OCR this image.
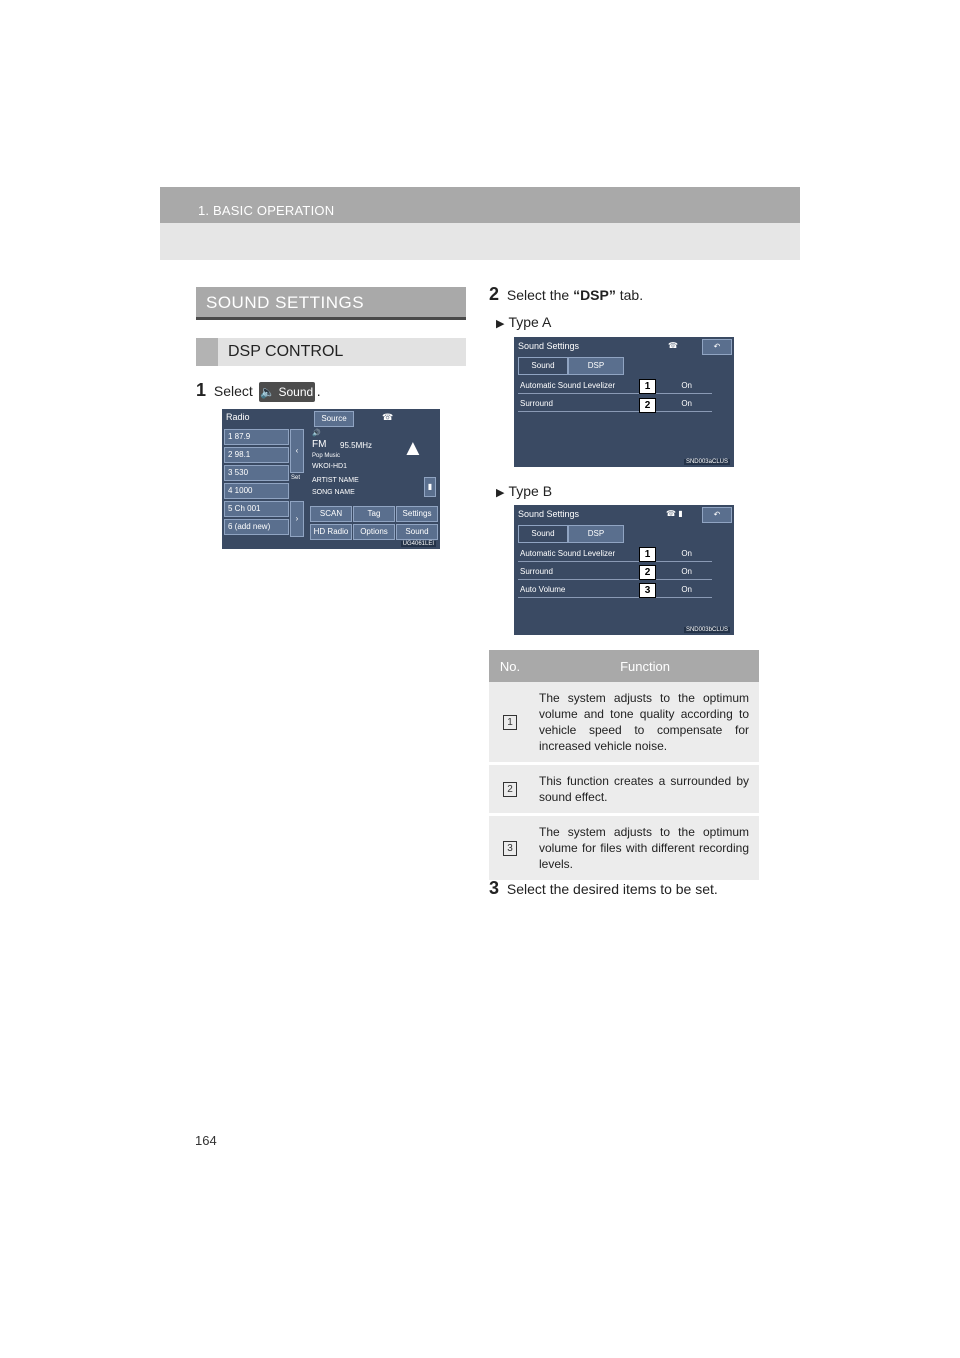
1. BASIC OPERATION
SOUND SETTINGS
DSP CONTROL
1 Select 🔈 Sound .
Radio	Source	☎
1 87.9
2 98.1
3 530
4 1000
5 Ch 001
6 (add new)
‹
›
Set
🔊
FM 95.5MHz
Pop Music
WKOI-HD1
ARTIST NAME
SONG NAME
▲
▮
SCAN	Tag	Settings
HD Radio	Options	Sound
UG4061LEI
2 Select the “DSP” tab.
▶ Type A
Sound Settings	☎	↶
Sound	DSP
Automatic Sound Levelizer	On
1
Surround	On
2
SND003aCLUS
▶ Type B
Sound Settings	☎ ▮	↶
Sound	DSP
Automatic Sound Levelizer	On
1
Surround	On
2
Auto Volume	On
3
SND003bCLUS
No.	Function
1	The system adjusts to the optimum volume and tone quality according to vehicle speed to compensate for increased vehicle noise.
2	This function creates a surrounded by sound effect.
3	The system adjusts to the optimum volume for files with different recording levels.
3 Select the desired items to be set.
164
